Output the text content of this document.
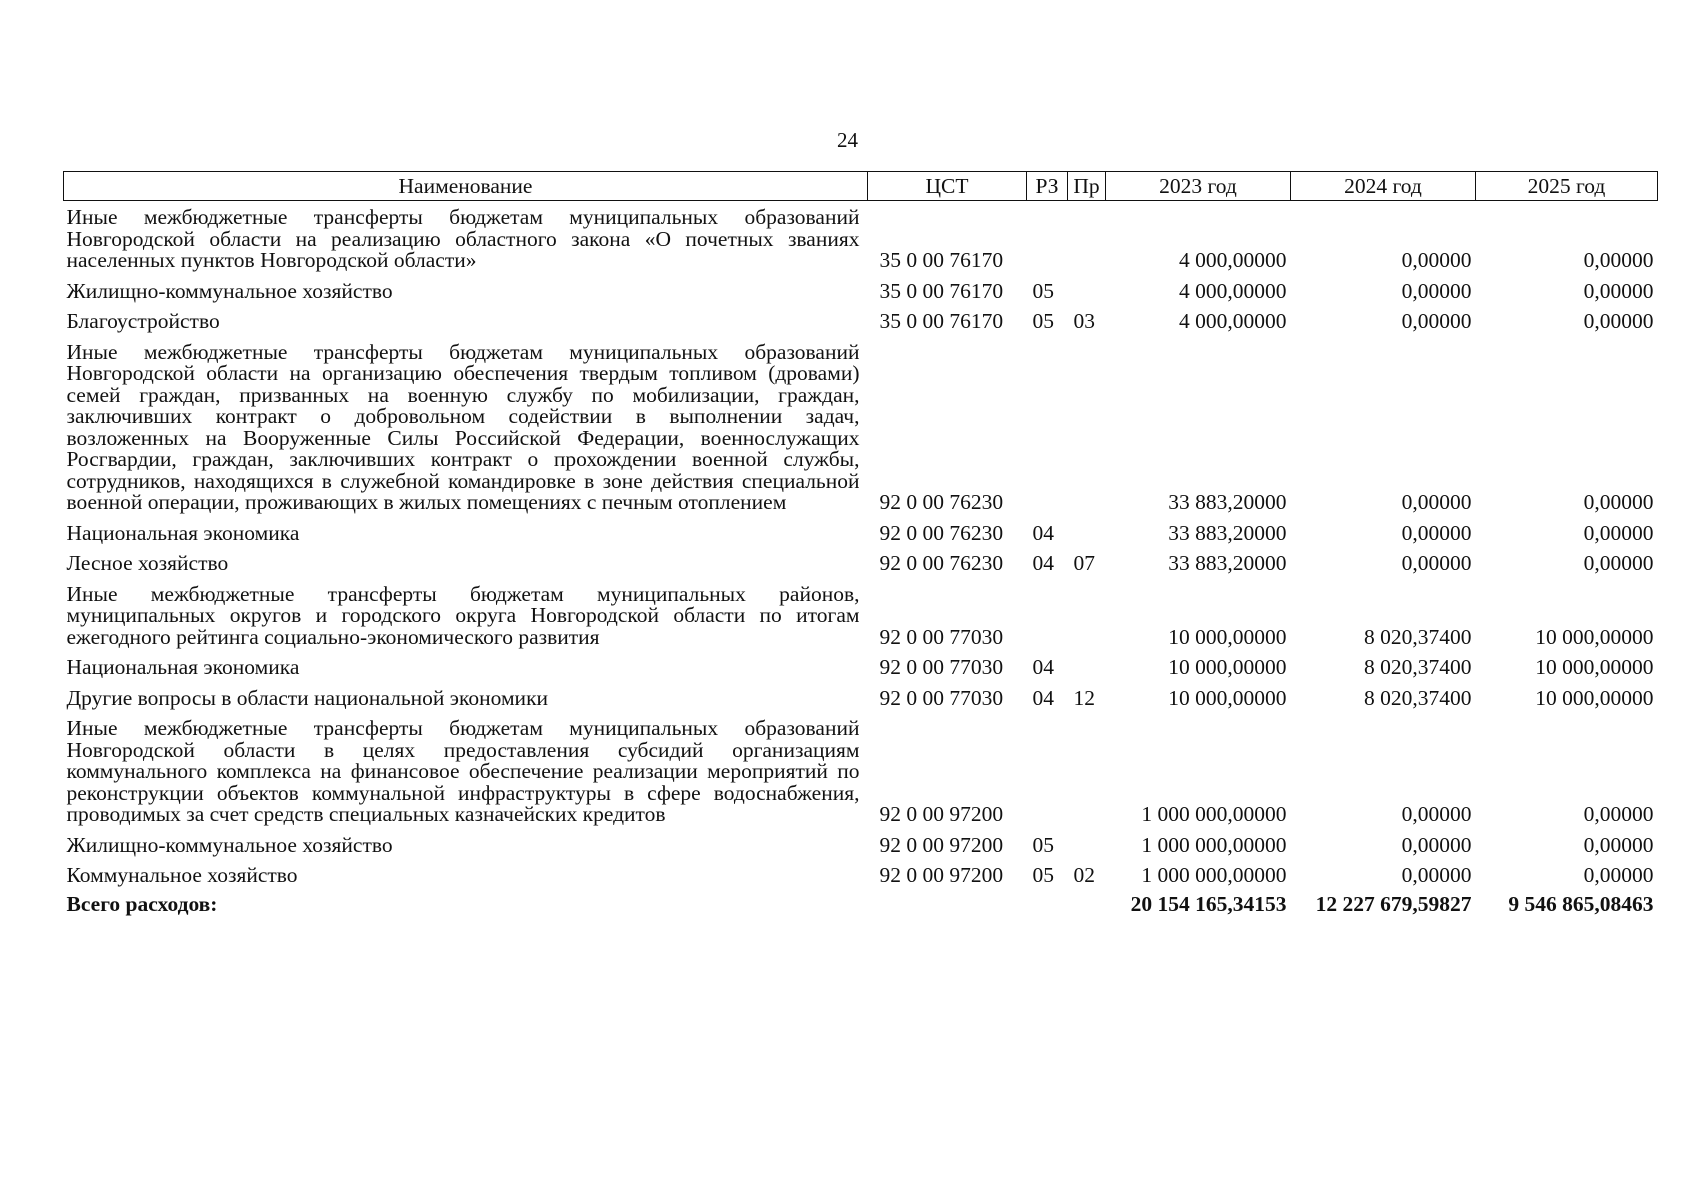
24
Наименование	ЦСТ	РЗ	Пр	2023 год	2024 год	2025 год
Иные межбюджетные трансферты бюджетам муниципальных образований Новгородской области на реализацию областного закона «О почетных званиях населенных пунктов Новгородской области»	35 0 00 76170			4 000,00000	0,00000	0,00000
Жилищно-коммунальное хозяйство	35 0 00 76170	05		4 000,00000	0,00000	0,00000
Благоустройство	35 0 00 76170	05	03	4 000,00000	0,00000	0,00000
Иные межбюджетные трансферты бюджетам муниципальных образований Новгородской области на организацию обеспечения твердым топливом (дровами) семей граждан, призванных на военную службу по мобилизации, граждан, заключивших контракт о добровольном содействии в выполнении задач, возложенных на Вооруженные Силы Российской Федерации, военнослужащих Росгвардии, граждан, заключивших контракт о прохождении военной службы, сотрудников, находящихся в служебной командировке в зоне действия специальной военной операции, проживающих в жилых помещениях с печным отоплением	92 0 00 76230			33 883,20000	0,00000	0,00000
Национальная экономика	92 0 00 76230	04		33 883,20000	0,00000	0,00000
Лесное хозяйство	92 0 00 76230	04	07	33 883,20000	0,00000	0,00000
Иные межбюджетные трансферты бюджетам муниципальных районов, муниципальных округов и городского округа Новгородской области по итогам ежегодного рейтинга социально-экономического развития	92 0 00 77030			10 000,00000	8 020,37400	10 000,00000
Национальная экономика	92 0 00 77030	04		10 000,00000	8 020,37400	10 000,00000
Другие вопросы в области национальной экономики	92 0 00 77030	04	12	10 000,00000	8 020,37400	10 000,00000
Иные межбюджетные трансферты бюджетам муниципальных образований Новгородской области в целях предоставления субсидий организациям коммунального комплекса на финансовое обеспечение реализации мероприятий по реконструкции объектов коммунальной инфраструктуры в сфере водоснабжения, проводимых за счет средств специальных казначейских кредитов	92 0 00 97200			1 000 000,00000	0,00000	0,00000
Жилищно-коммунальное хозяйство	92 0 00 97200	05		1 000 000,00000	0,00000	0,00000
Коммунальное хозяйство	92 0 00 97200	05	02	1 000 000,00000	0,00000	0,00000
Всего расходов:				20 154 165,34153	12 227 679,59827	9 546 865,08463
